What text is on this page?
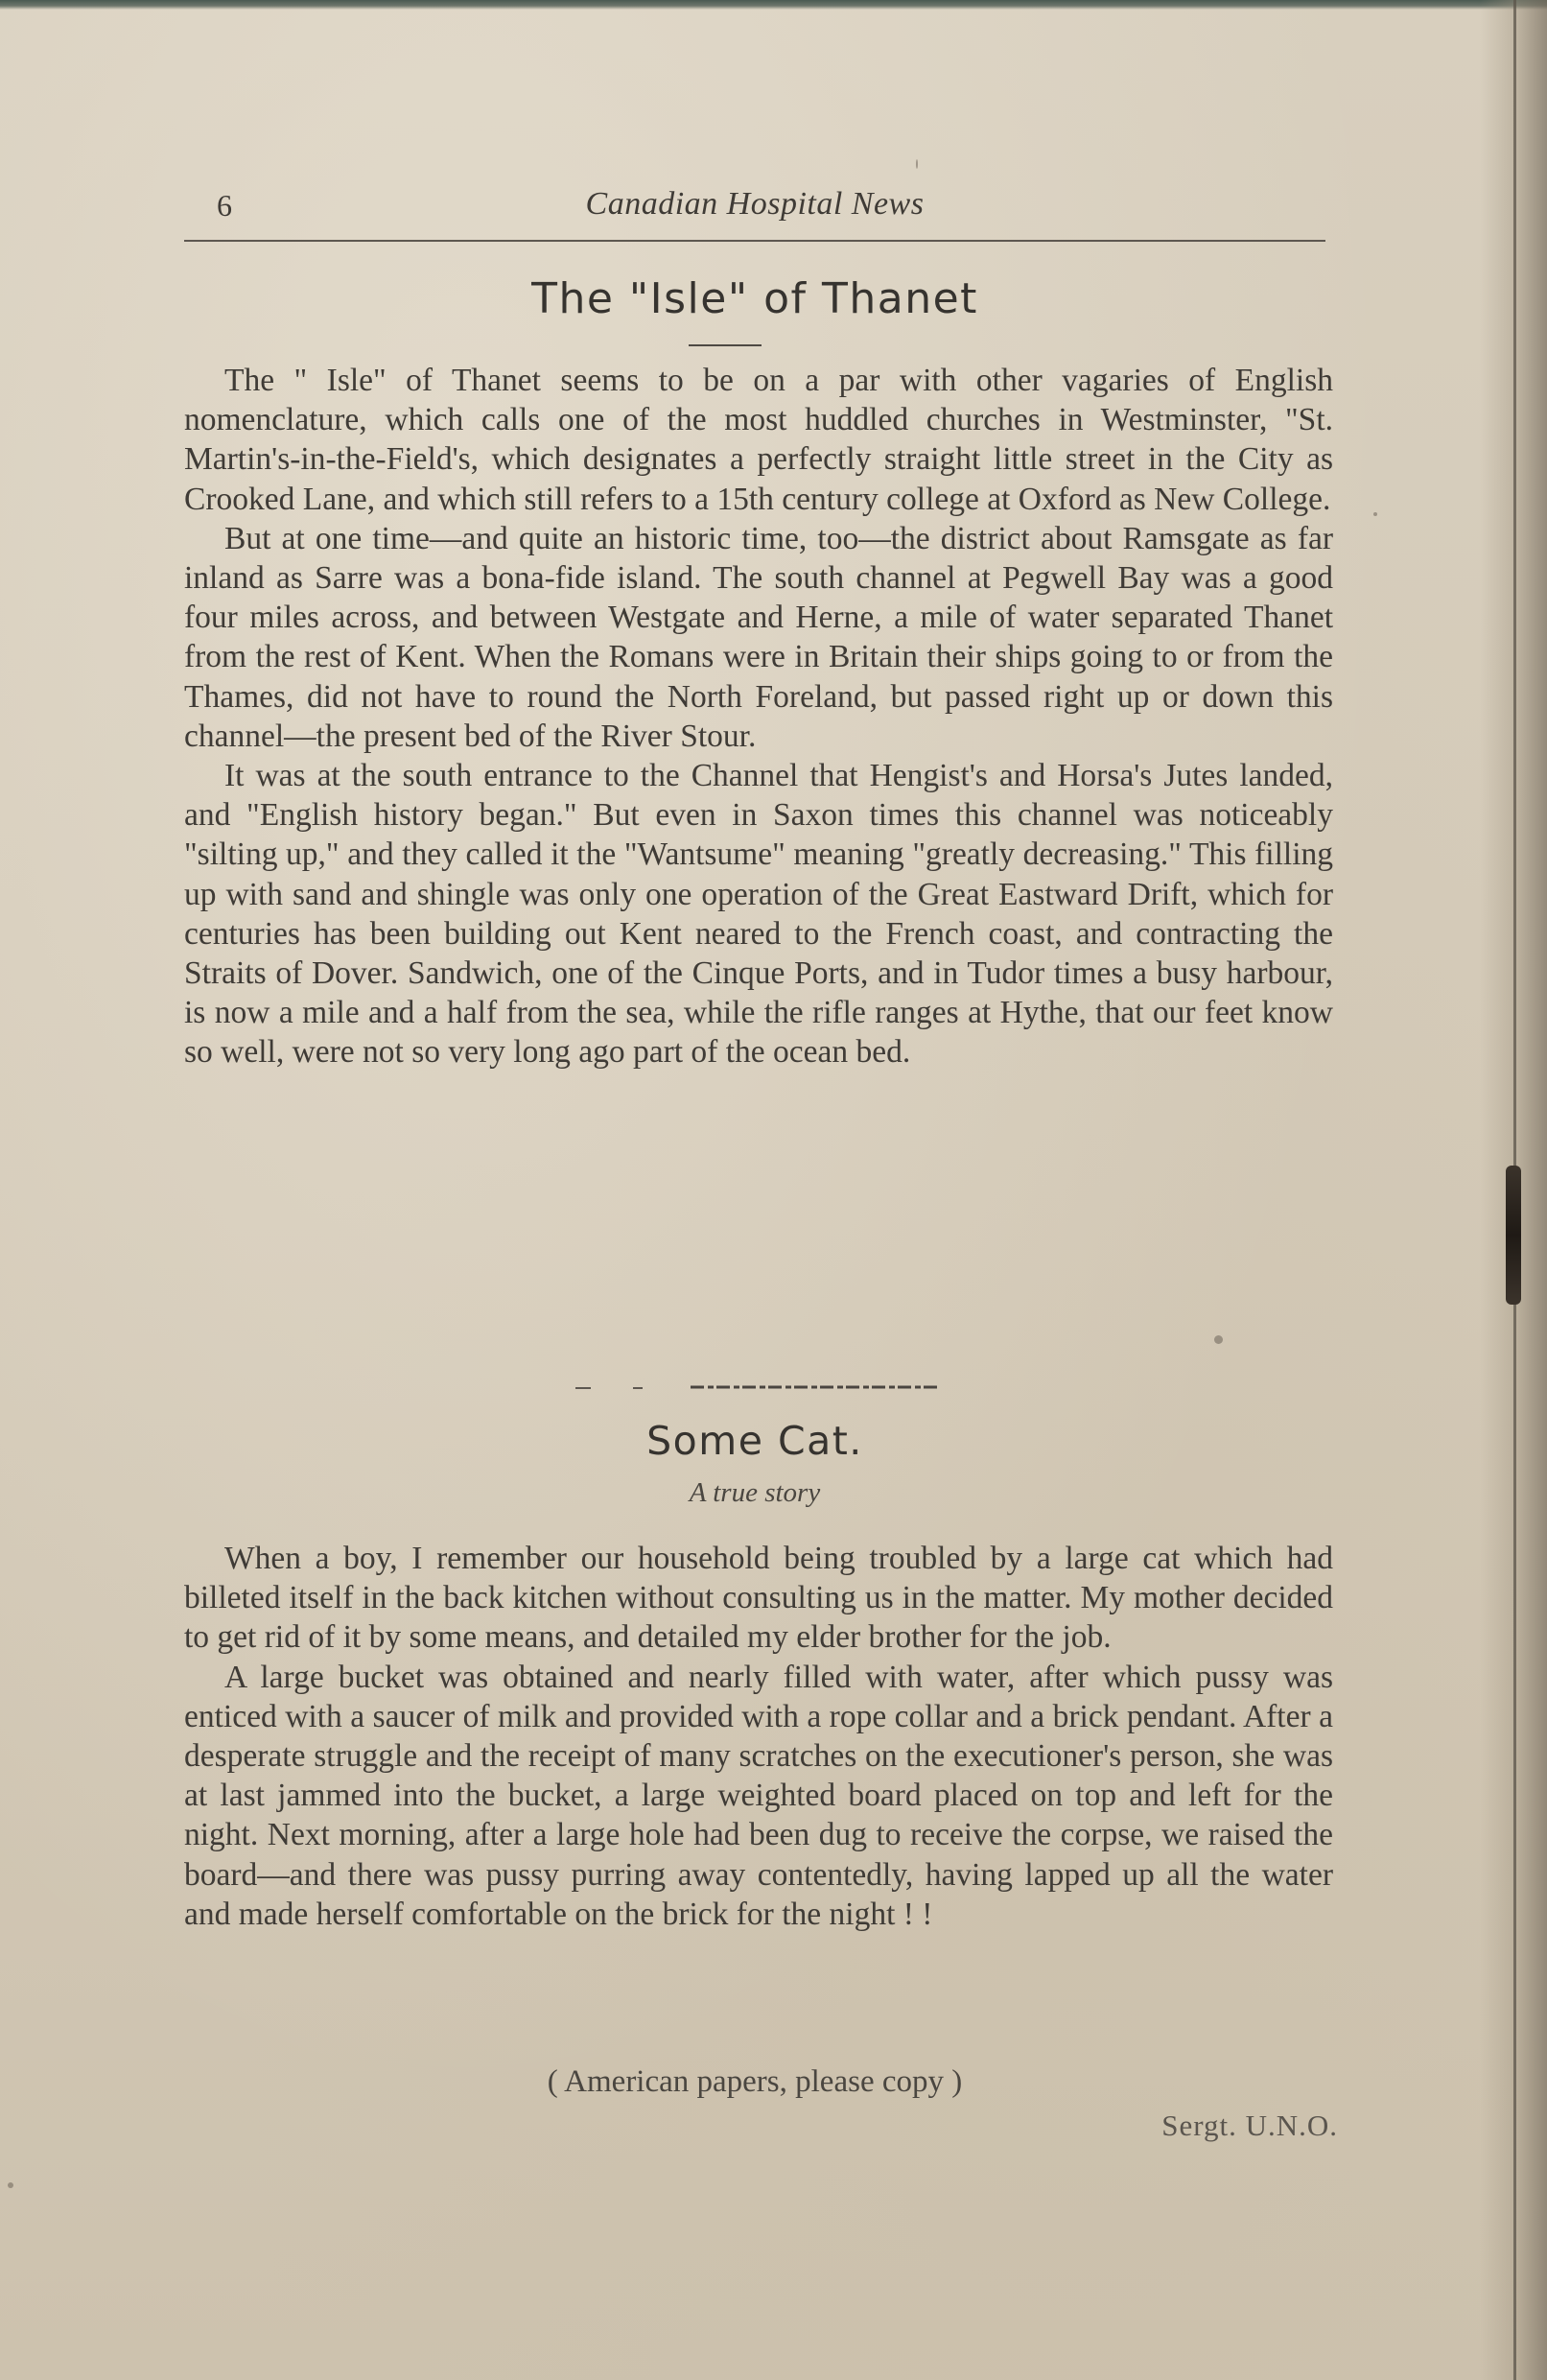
6	Canadian Hospital News
The "Isle" of Thanet

The " Isle" of Thanet seems to be on a par with other vagaries of English nomenclature, which calls one of the most huddled churches in Westminster, "St. Martin's-in-the-Field's, which designates a perfectly straight little street in the City as Crooked Lane, and which still refers to a 15th century college at Oxford as New College.

But at one time—and quite an historic time, too—the district about Ramsgate as far inland as Sarre was a bona-fide island. The south channel at Pegwell Bay was a good four miles across, and between Westgate and Herne, a mile of water separated Thanet from the rest of Kent. When the Romans were in Britain their ships going to or from the Thames, did not have to round the North Foreland, but passed right up or down this channel—the present bed of the River Stour.

It was at the south entrance to the Channel that Hengist's and Horsa's Jutes landed, and "English history began." But even in Saxon times this channel was noticeably "silting up," and they called it the "Wantsume" meaning "greatly decreasing." This filling up with sand and shingle was only one operation of the Great Eastward Drift, which for centuries has been building out Kent neared to the French coast, and contracting the Straits of Dover. Sandwich, one of the Cinque Ports, and in Tudor times a busy harbour, is now a mile and a half from the sea, while the rifle ranges at Hythe, that our feet know so well, were not so very long ago part of the ocean bed.

Some Cat.
A true story

When a boy, I remember our household being troubled by a large cat which had billeted itself in the back kitchen without consulting us in the matter. My mother decided to get rid of it by some means, and detailed my elder brother for the job.

A large bucket was obtained and nearly filled with water, after which pussy was enticed with a saucer of milk and provided with a rope collar and a brick pendant. After a desperate struggle and the receipt of many scratches on the executioner's person, she was at last jammed into the bucket, a large weighted board placed on top and left for the night. Next morning, after a large hole had been dug to receive the corpse, we raised the board—and there was pussy purring away contentedly, having lapped up all the water and made herself comfortable on the brick for the night ! !

( American papers, please copy )
Sergt. U.N.O.
